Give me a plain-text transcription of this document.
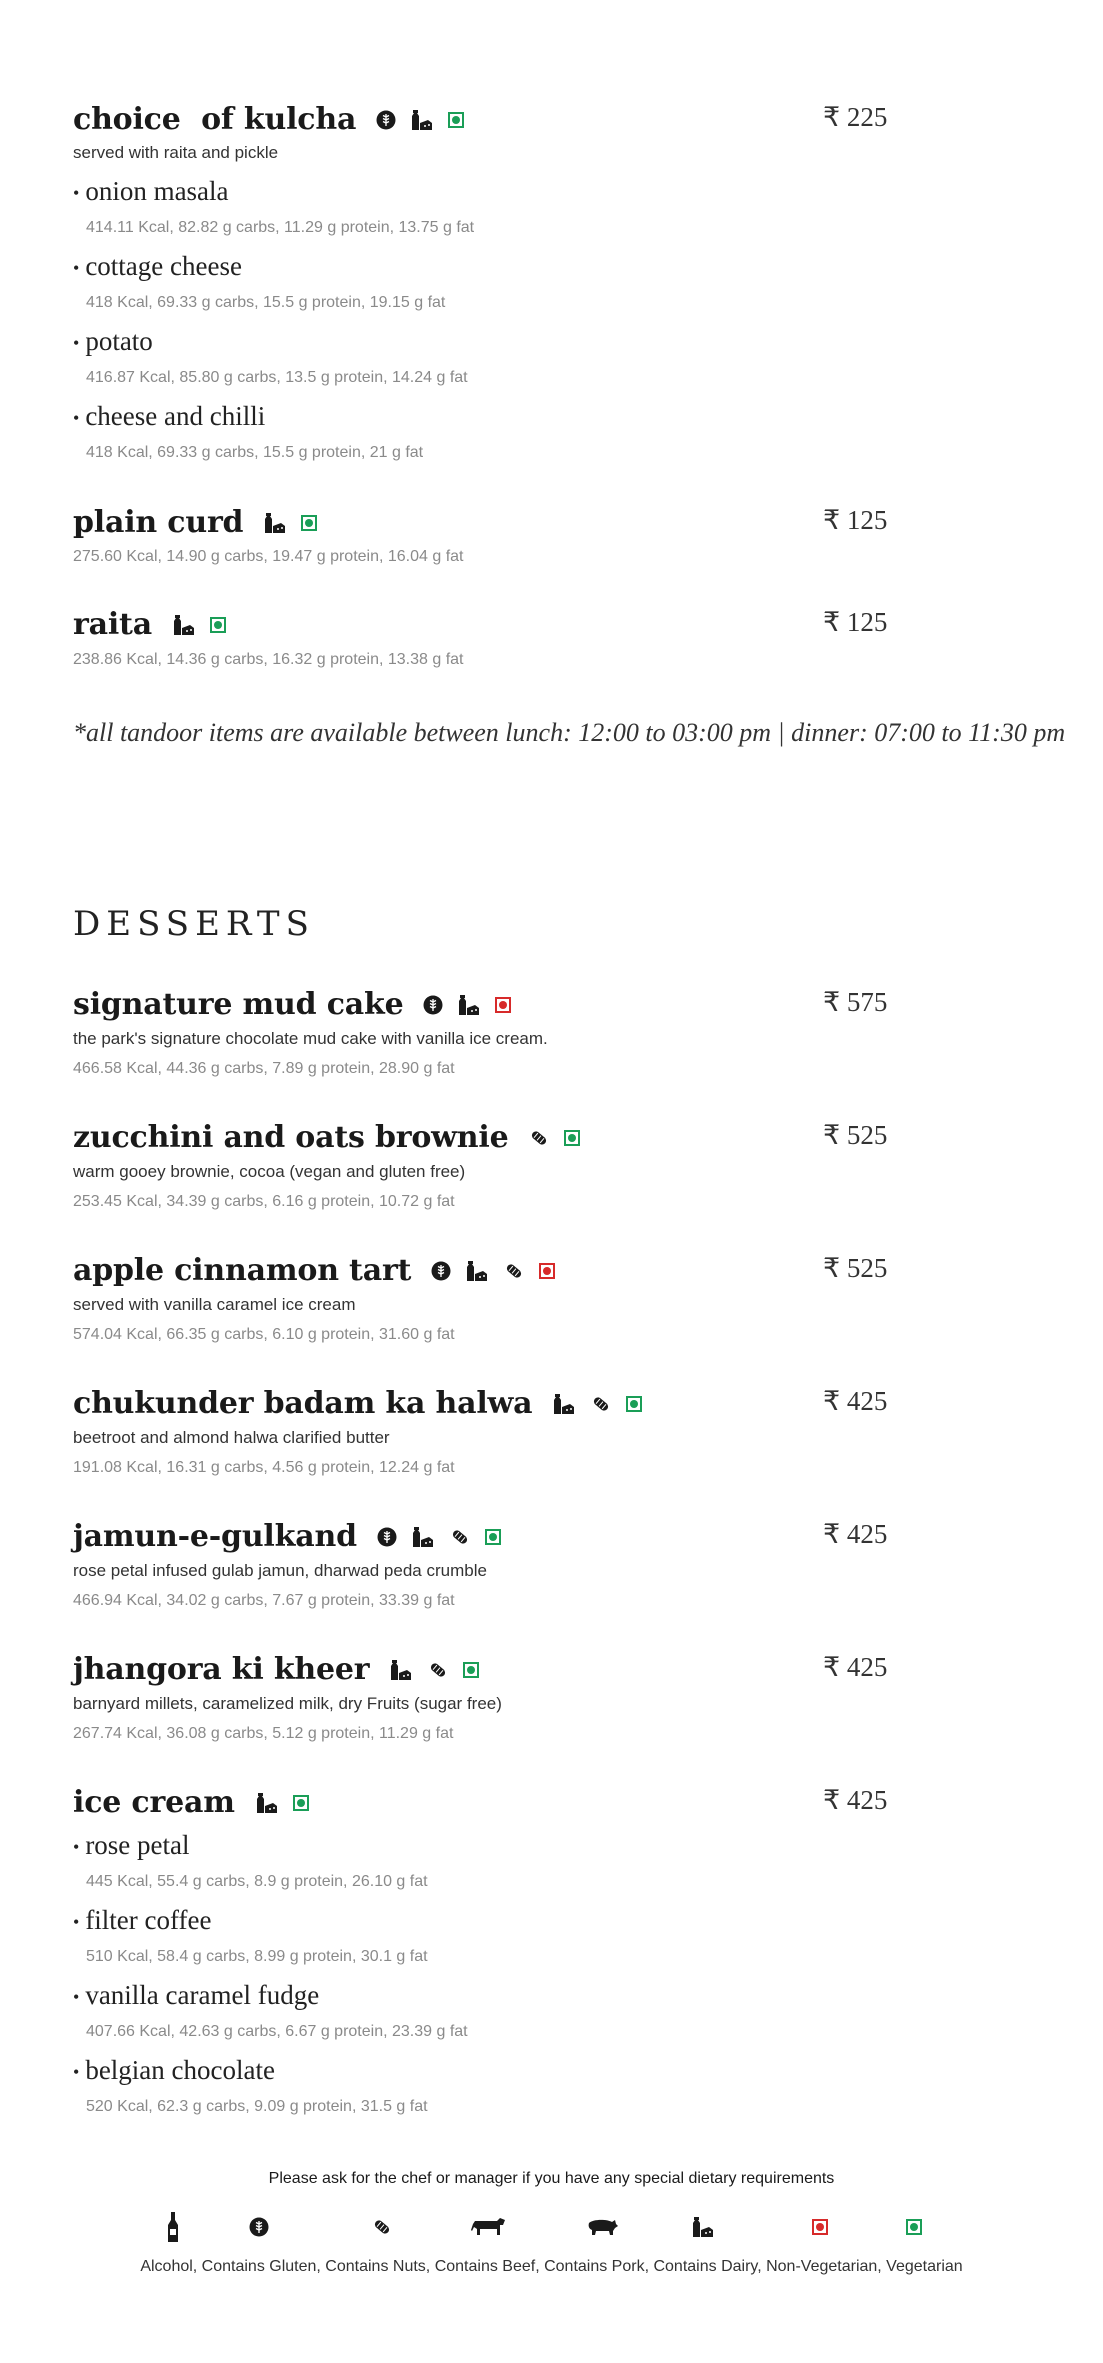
choice  of kulcha	₹ 225
served with raita and pickle
• onion masala
414.11 Kcal, 82.82 g carbs, 11.29 g protein, 13.75 g fat
• cottage cheese
418 Kcal, 69.33 g carbs, 15.5 g protein, 19.15 g fat
• potato
416.87 Kcal, 85.80 g carbs, 13.5 g protein, 14.24 g fat
• cheese and chilli
418 Kcal, 69.33 g carbs, 15.5 g protein, 21 g fat
plain curd	₹ 125
275.60 Kcal, 14.90 g carbs, 19.47 g protein, 16.04 g fat
raita	₹ 125
238.86 Kcal, 14.36 g carbs, 16.32 g protein, 13.38 g fat
*all tandoor items are available between lunch: 12:00 to 03:00 pm | dinner: 07:00 to 11:30 pm
DESSERTS
signature mud cake	₹ 575
the park's signature chocolate mud cake with vanilla ice cream.
466.58 Kcal, 44.36 g carbs, 7.89 g protein, 28.90 g fat
zucchini and oats brownie	₹ 525
warm gooey brownie, cocoa (vegan and gluten free)
253.45 Kcal, 34.39 g carbs, 6.16 g protein, 10.72 g fat
apple cinnamon tart	₹ 525
served with vanilla caramel ice cream
574.04 Kcal, 66.35 g carbs, 6.10 g protein, 31.60 g fat
chukunder badam ka halwa	₹ 425
beetroot and almond halwa clarified butter
191.08 Kcal, 16.31 g carbs, 4.56 g protein, 12.24 g fat
jamun-e-gulkand	₹ 425
rose petal infused gulab jamun, dharwad peda crumble
466.94 Kcal, 34.02 g carbs, 7.67 g protein, 33.39 g fat
jhangora ki kheer	₹ 425
barnyard millets, caramelized milk, dry Fruits (sugar free)
267.74 Kcal, 36.08 g carbs, 5.12 g protein, 11.29 g fat
ice cream	₹ 425
• rose petal
445 Kcal, 55.4 g carbs, 8.9 g protein, 26.10 g fat
• filter coffee
510 Kcal, 58.4 g carbs, 8.99 g protein, 30.1 g fat
• vanilla caramel fudge
407.66 Kcal, 42.63 g carbs, 6.67 g protein, 23.39 g fat
• belgian chocolate
520 Kcal, 62.3 g carbs, 9.09 g protein, 31.5 g fat
Please ask for the chef or manager if you have any special dietary requirements
Alcohol, Contains Gluten, Contains Nuts, Contains Beef, Contains Pork, Contains Dairy, Non-Vegetarian, Vegetarian
